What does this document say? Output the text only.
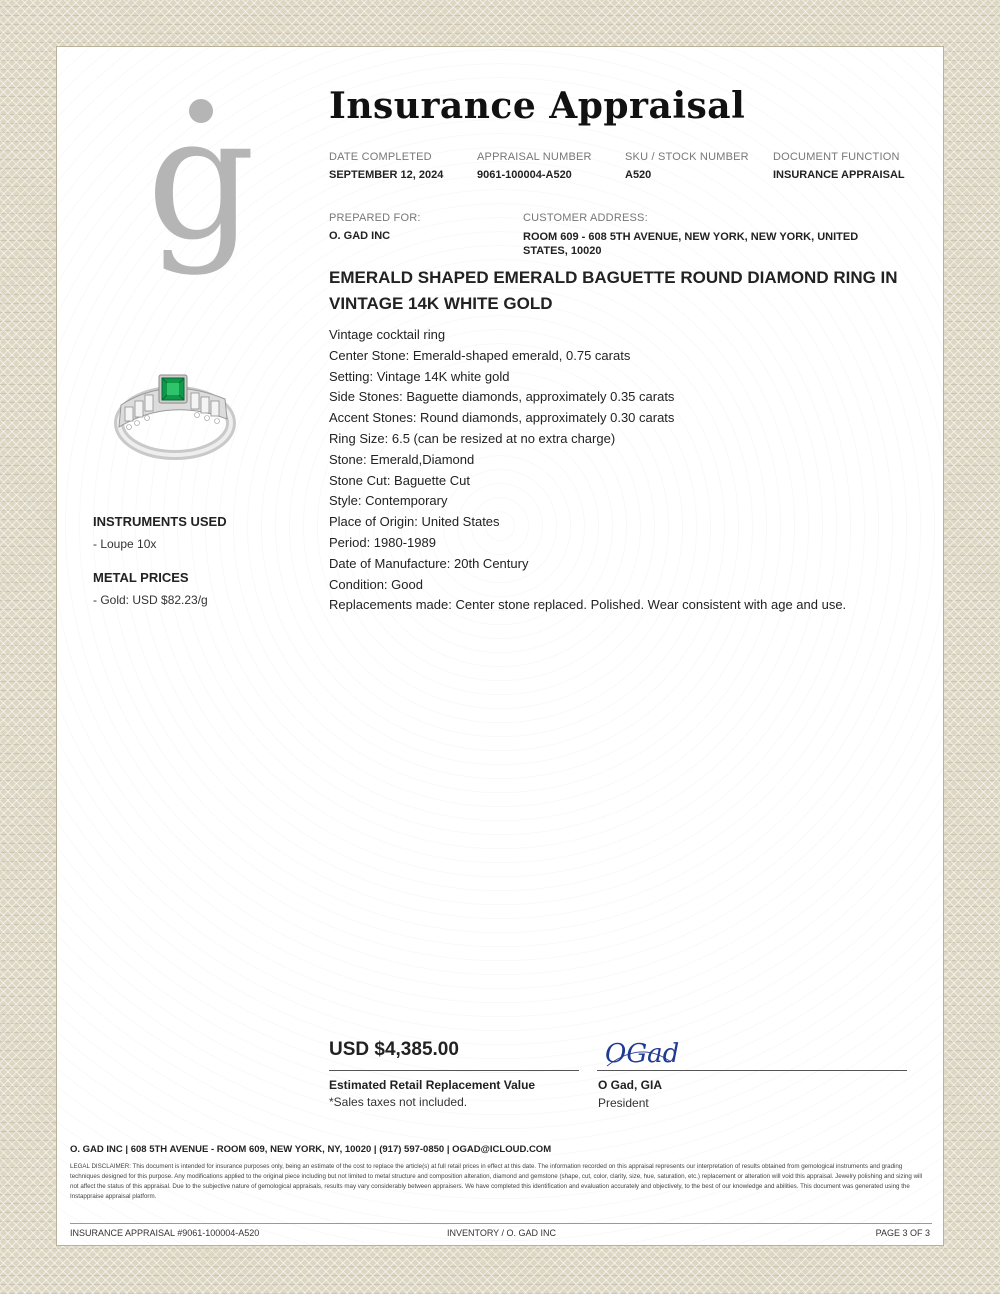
g Insurance Appraisal
DATE COMPLETED
SEPTEMBER 12, 2024
APPRAISAL NUMBER
9061-100004-A520
SKU / STOCK NUMBER
A520
DOCUMENT FUNCTION
INSURANCE APPRAISAL
PREPARED FOR:
O. GAD INC
CUSTOMER ADDRESS:
ROOM 609 - 608 5TH AVENUE, NEW YORK, NEW YORK, UNITED STATES, 10020
EMERALD SHAPED EMERALD BAGUETTE ROUND DIAMOND RING IN VINTAGE 14K WHITE GOLD
Vintage cocktail ring
Center Stone: Emerald-shaped emerald, 0.75 carats
Setting: Vintage 14K white gold
Side Stones: Baguette diamonds, approximately 0.35 carats
Accent Stones: Round diamonds, approximately 0.30 carats
Ring Size: 6.5 (can be resized at no extra charge)
Stone: Emerald,Diamond
Stone Cut: Baguette Cut
Style: Contemporary
Place of Origin: United States
Period: 1980-1989
Date of Manufacture: 20th Century
Condition: Good
Replacements made: Center stone replaced. Polished. Wear consistent with age and use.
INSTRUMENTS USED
- Loupe 10x
METAL PRICES
- Gold: USD $82.23/g
USD $4,385.00
Estimated Retail Replacement Value
*Sales taxes not included.
OGad
O Gad, GIA
President
O. GAD INC | 608 5TH AVENUE - ROOM 609, NEW YORK, NY, 10020 | (917) 597-0850 | OGAD@ICLOUD.COM
LEGAL DISCLAIMER: This document is intended for insurance purposes only, being an estimate of the cost to replace the article(s) at full retail prices in effect at this date. The information recorded on this appraisal represents our interpretation of results obtained from gemological instruments and grading techniques designed for this purpose. Any modifications applied to the original piece including but not limited to metal structure and composition alteration, diamond and gemstone (shape, cut, color, clarity, size, hue, saturation, etc.) replacement or alteration will void this appraisal. Jewelry polishing and sizing will not affect the status of this appraisal. Due to the subjective nature of gemological appraisals, results may vary considerably between appraisers. We have completed this identification and evaluation accurately and objectively, to the best of our knowledge and abilities. This document was generated using the Instappraise appraisal platform.
INSURANCE APPRAISAL #9061-100004-A520	INVENTORY / O. GAD INC	PAGE 3 OF 3
